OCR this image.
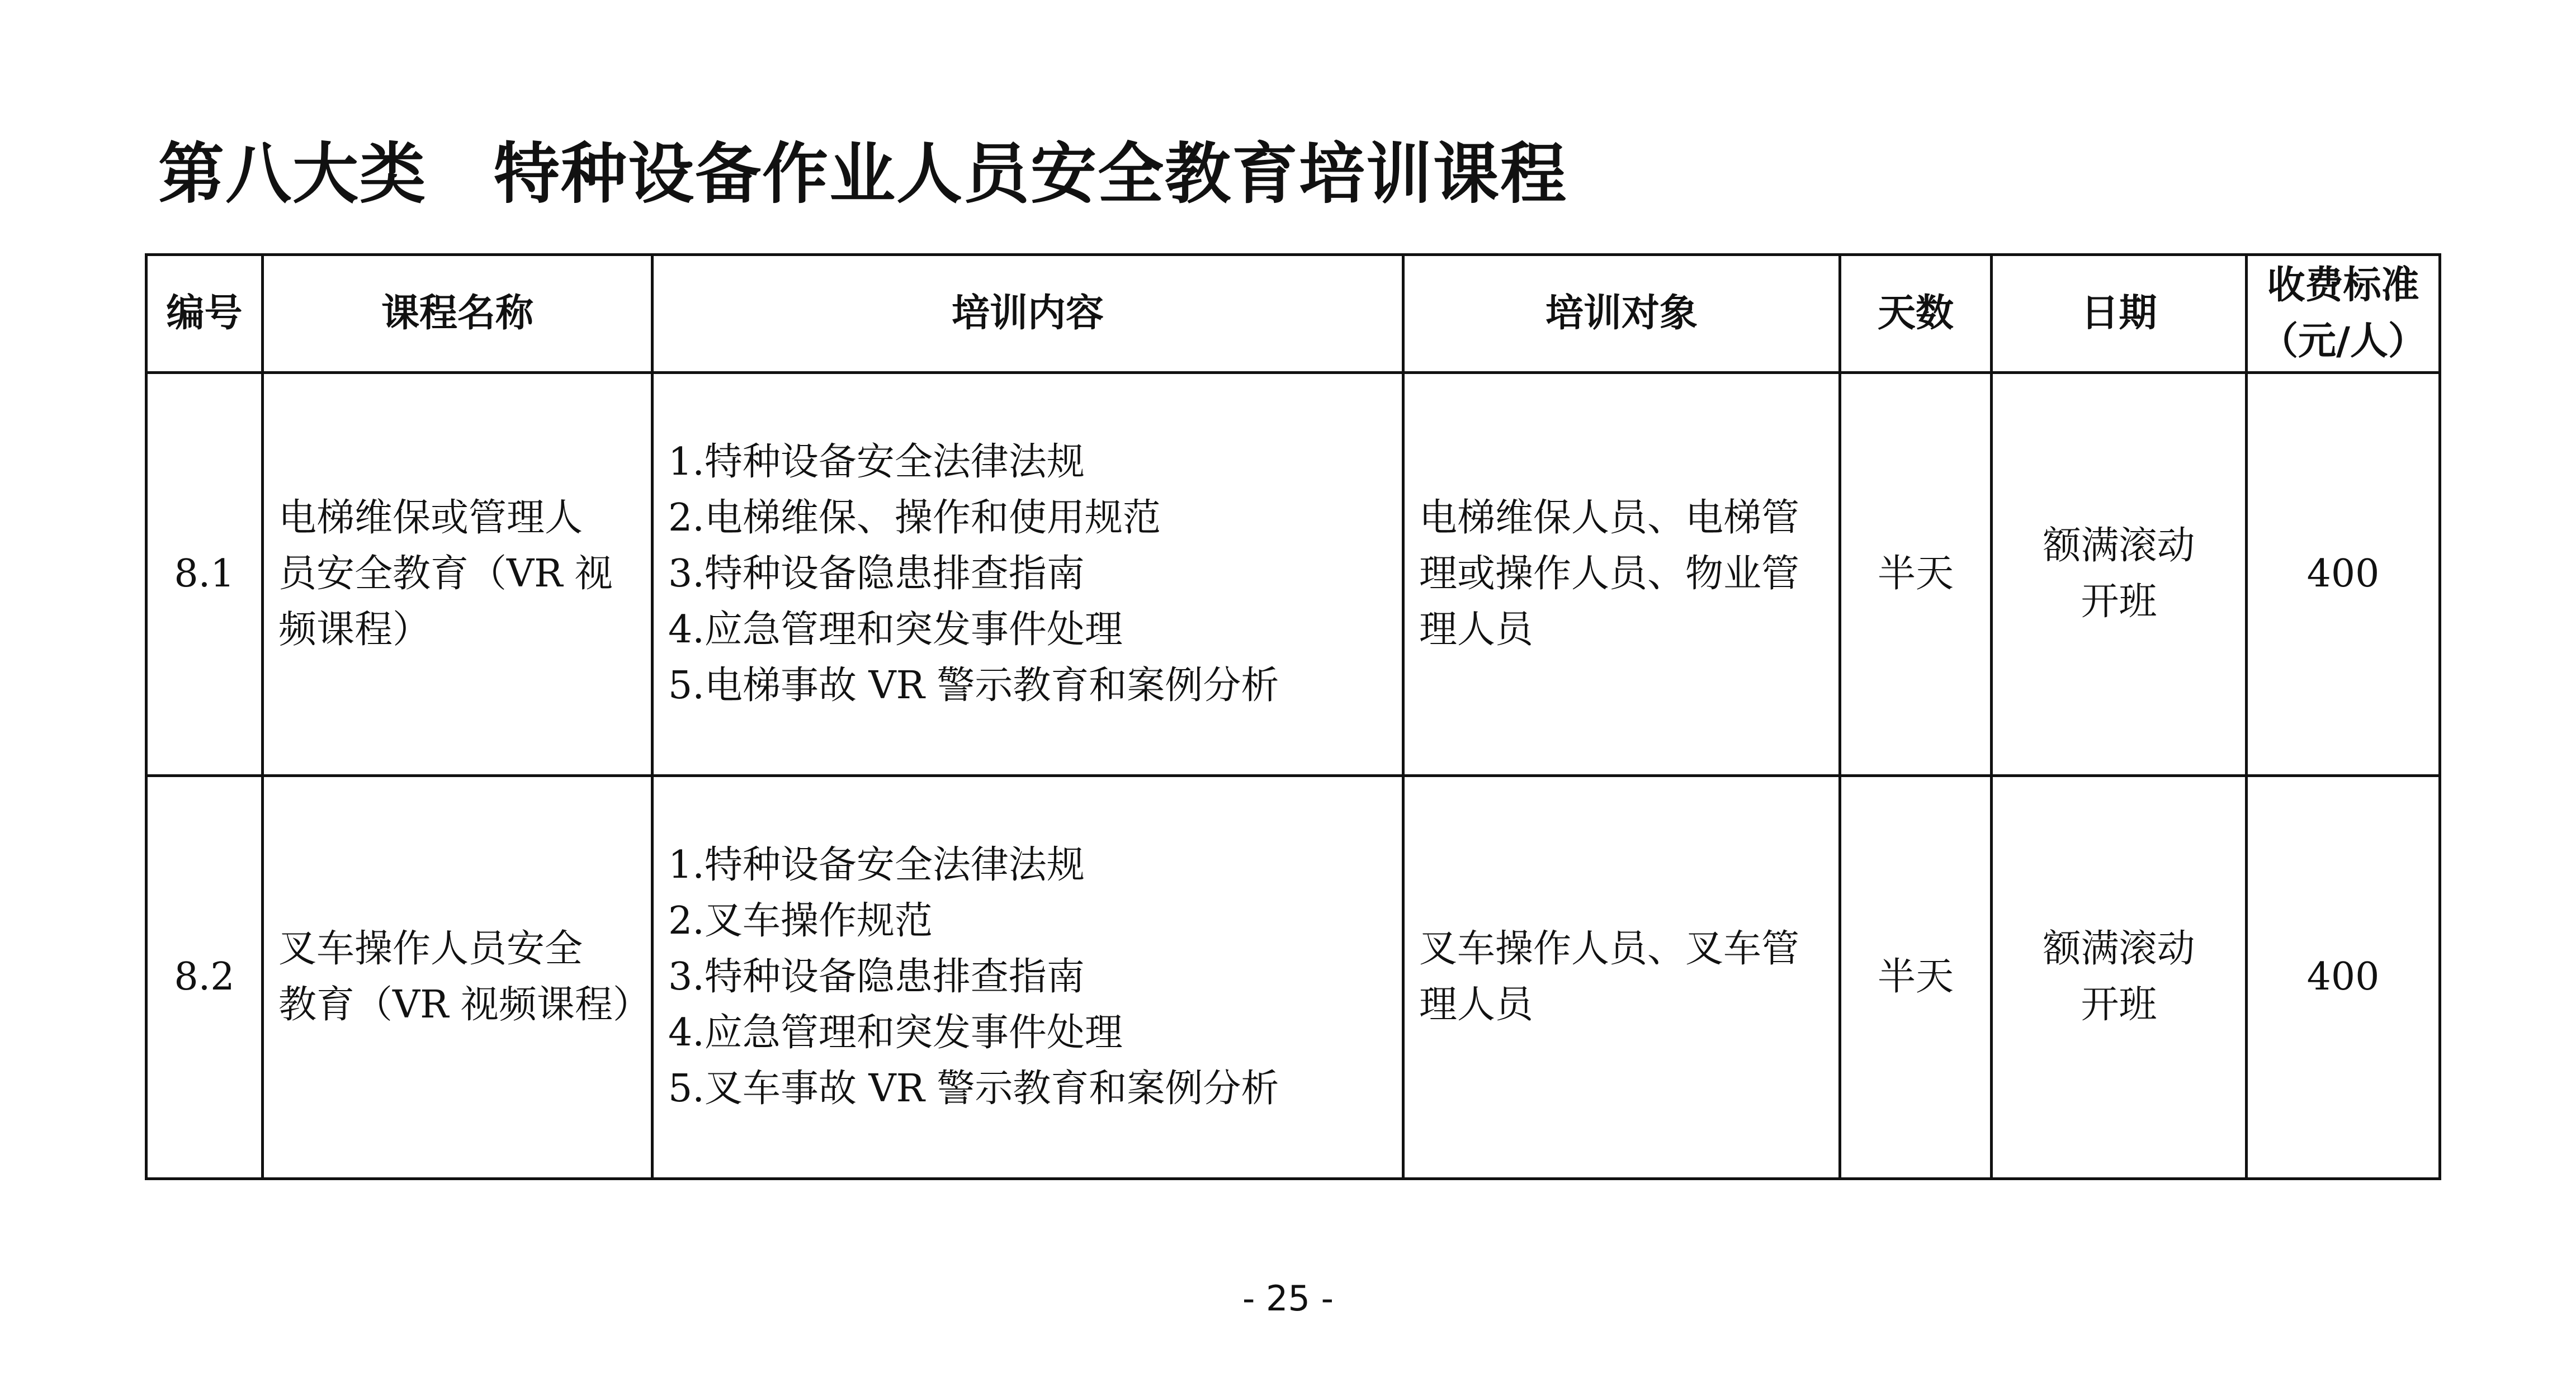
第八大类　特种设备作业人员安全教育培训课程
编号	课程名称	培训内容	培训对象	天数	日期	收费标准
（元/人）

8.1	电梯维保或管理人
员安全教育（VR 视
频课程）	1.特种设备安全法律法规
2.电梯维保、操作和使用规范
3.特种设备隐患排查指南
4.应急管理和突发事件处理
5.电梯事故 VR 警示教育和案例分析	电梯维保人员、电梯管
理或操作人员、物业管
理人员	半天	额满滚动
开班	400
8.2	叉车操作人员安全
教育（VR 视频课程）	1.特种设备安全法律法规
2.叉车操作规范
3.特种设备隐患排查指南
4.应急管理和突发事件处理
5.叉车事故 VR 警示教育和案例分析	叉车操作人员、叉车管
理人员	半天	额满滚动
开班	400
- 25 -
